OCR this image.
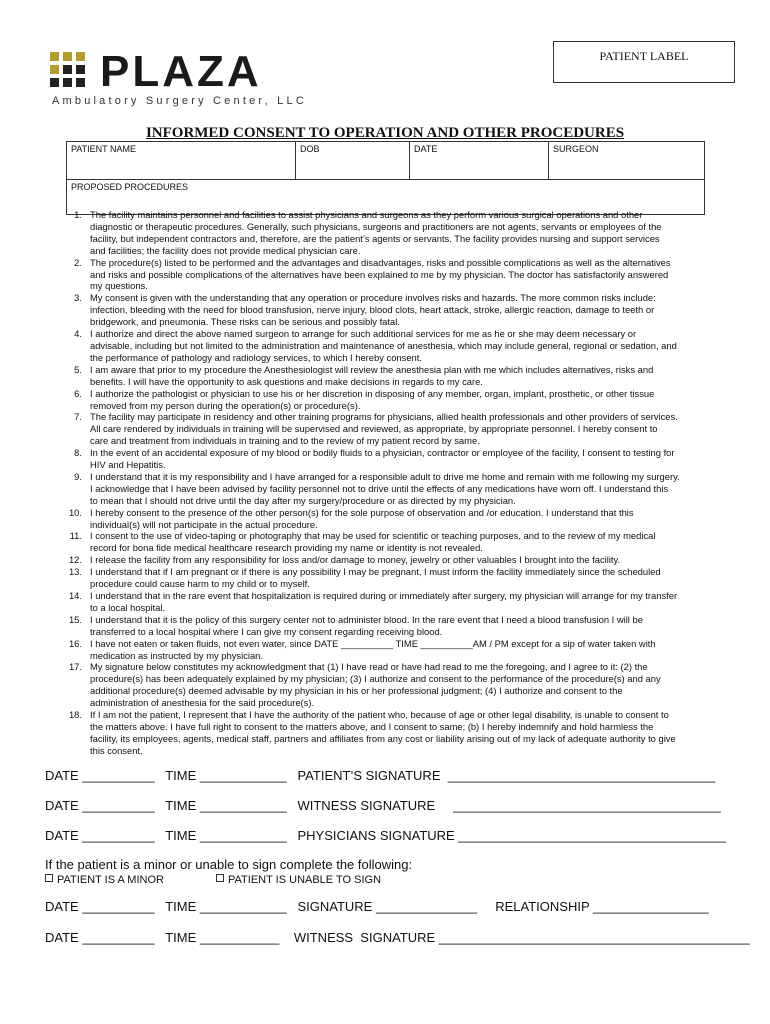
PLAZA
Ambulatory Surgery Center, LLC
PATIENT LABEL
INFORMED CONSENT TO OPERATION AND OTHER PROCEDURES
PATIENT NAME	DOB	DATE	SURGEON
PROPOSED PROCEDURES
1. The facility maintains personnel and facilities to assist physicians and surgeons as they perform various surgical operations and other
diagnostic or therapeutic procedures. Generally, such physicians, surgeons and practitioners are not agents, servants or employees of the
facility, but independent contractors and, therefore, are the patient’s agents or servants. The facility provides nursing and support services
and facilities; the facility does not provide medical physician care.
2. The procedure(s) listed to be performed and the advantages and disadvantages, risks and possible complications as well as the alternatives
and risks and possible complications of the alternatives have been explained to me by my physician. The doctor has satisfactorily answered
my questions.
3. My consent is given with the understanding that any operation or procedure involves risks and hazards. The more common risks include:
infection, bleeding with the need for blood transfusion, nerve injury, blood clots, heart attack, stroke, allergic reaction, damage to teeth or
bridgework, and pneumonia. These risks can be serious and possibly fatal.
4. I authorize and direct the above named surgeon to arrange for such additional services for me as he or she may deem necessary or
advisable, including but not limited to the administration and maintenance of anesthesia, which may include general, regional or sedation, and
the performance of pathology and radiology services, to which I hereby consent.
5. I am aware that prior to my procedure the Anesthesiologist will review the anesthesia plan with me which includes alternatives, risks and
benefits. I will have the opportunity to ask questions and make decisions in regards to my care.
6. I authorize the pathologist or physician to use his or her discretion in disposing of any member, organ, implant, prosthetic, or other tissue
removed from my person during the operation(s) or procedure(s).
7. The facility may participate in residency and other training programs for physicians, allied health professionals and other providers of services.
All care rendered by individuals in training will be supervised and reviewed, as appropriate, by appropriate personnel. I hereby consent to
care and treatment from individuals in training and to the review of my patient record by same.
8. In the event of an accidental exposure of my blood or bodily fluids to a physician, contractor or employee of the facility, I consent to testing for
HIV and Hepatitis.
9. I understand that it is my responsibility and I have arranged for a responsible adult to drive me home and remain with me following my surgery.
I acknowledge that I have been advised by facility personnel not to drive until the effects of any medications have worn off. I understand this
to mean that I should not drive until the day after my surgery/procedure or as directed by my physician.
10. I hereby consent to the presence of the other person(s) for the sole purpose of observation and /or education. I understand that this
individual(s) will not participate in the actual procedure.
11. I consent to the use of video-taping or photography that may be used for scientific or teaching purposes, and to the review of my medical
record for bona fide medical healthcare research providing my name or identity is not revealed.
12. I release the facility from any responsibility for loss and/or damage to money, jewelry or other valuables I brought into the facility.
13. I understand that if I am pregnant or if there is any possibility I may be pregnant, I must inform the facility immediately since the scheduled
procedure could cause harm to my child or to myself.
14. I understand that in the rare event that hospitalization is required during or immediately after surgery, my physician will arrange for my transfer
to a local hospital.
15. I understand that it is the policy of this surgery center not to administer blood. In the rare event that I need a blood transfusion I will be
transferred to a local hospital where I can give my consent regarding receiving blood.
16. I have not eaten or taken fluids, not even water, since DATE __________ TIME __________AM / PM except for a sip of water taken with
medication as instructed by my physician.
17. My signature below constitutes my acknowledgment that (1) I have read or have had read to me the foregoing, and I agree to it: (2) the
procedure(s) has been adequately explained by my physician; (3) I authorize and consent to the performance of the procedure(s) and any
additional procedure(s) deemed advisable by my physician in his or her professional judgment; (4) I authorize and consent to the
administration of anesthesia for the said procedure(s).
18. If I am not the patient, I represent that I have the authority of the patient who, because of age or other legal disability, is unable to consent to
the matters above. I have full right to consent to the matters above, and I consent to same; (b) I hereby indemnify and hold harmless the
facility, its employees, agents, medical staff, partners and affiliates from any cost or liability arising out of my lack of adequate authority to give
this consent.
DATE __________   TIME ____________   PATIENT’S SIGNATURE  _____________________________________
DATE __________   TIME ____________   WITNESS SIGNATURE     _____________________________________
DATE __________   TIME ____________   PHYSICIANS SIGNATURE _____________________________________
If the patient is a minor or unable to sign complete the following:
PATIENT IS A MINOR	PATIENT IS UNABLE TO SIGN
DATE __________   TIME ____________   SIGNATURE ______________     RELATIONSHIP ________________
DATE __________   TIME ___________    WITNESS  SIGNATURE ___________________________________________
